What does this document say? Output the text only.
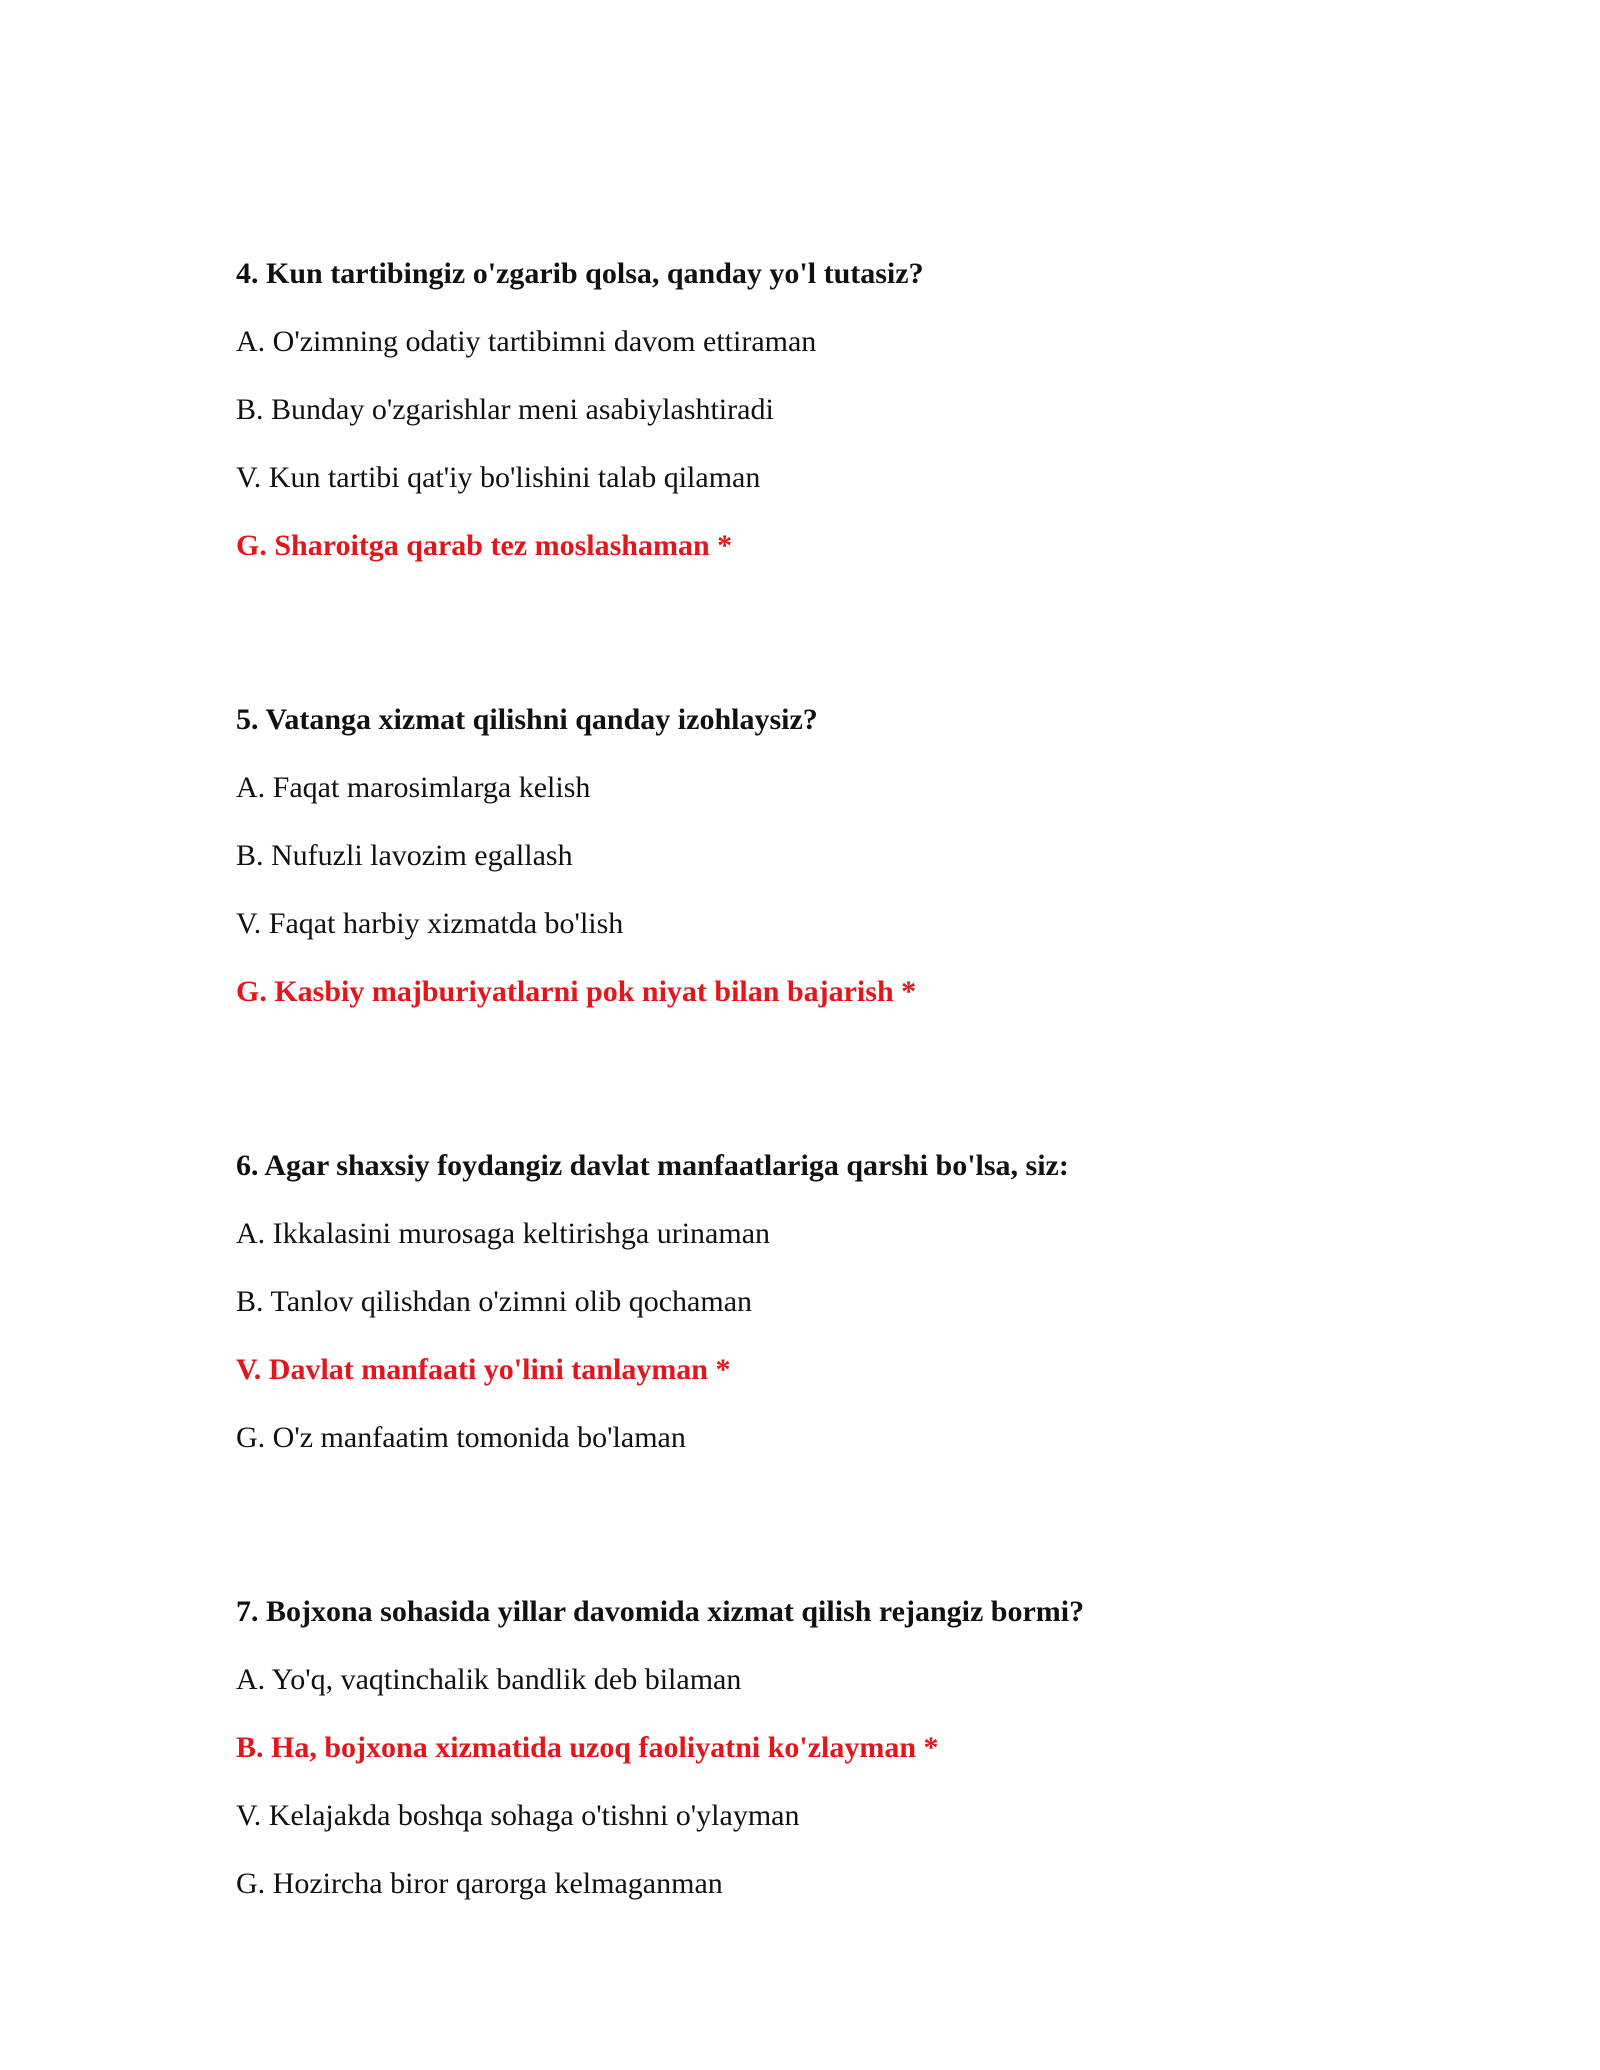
4. Kun tartibingiz o'zgarib qolsa, qanday yo'l tutasiz?
A. O'zimning odatiy tartibimni davom ettiraman
B. Bunday o'zgarishlar meni asabiylashtiradi
V. Kun tartibi qat'iy bo'lishini talab qilaman
G. Sharoitga qarab tez moslashaman *
5. Vatanga xizmat qilishni qanday izohlaysiz?
A. Faqat marosimlarga kelish
B. Nufuzli lavozim egallash
V. Faqat harbiy xizmatda bo'lish
G. Kasbiy majburiyatlarni pok niyat bilan bajarish *
6. Agar shaxsiy foydangiz davlat manfaatlariga qarshi bo'lsa, siz:
A. Ikkalasini murosaga keltirishga urinaman
B. Tanlov qilishdan o'zimni olib qochaman
V. Davlat manfaati yo'lini tanlayman *
G. O'z manfaatim tomonida bo'laman
7. Bojxona sohasida yillar davomida xizmat qilish rejangiz bormi?
A. Yo'q, vaqtinchalik bandlik deb bilaman
B. Ha, bojxona xizmatida uzoq faoliyatni ko'zlayman *
V. Kelajakda boshqa sohaga o'tishni o'ylayman
G. Hozircha biror qarorga kelmaganman
